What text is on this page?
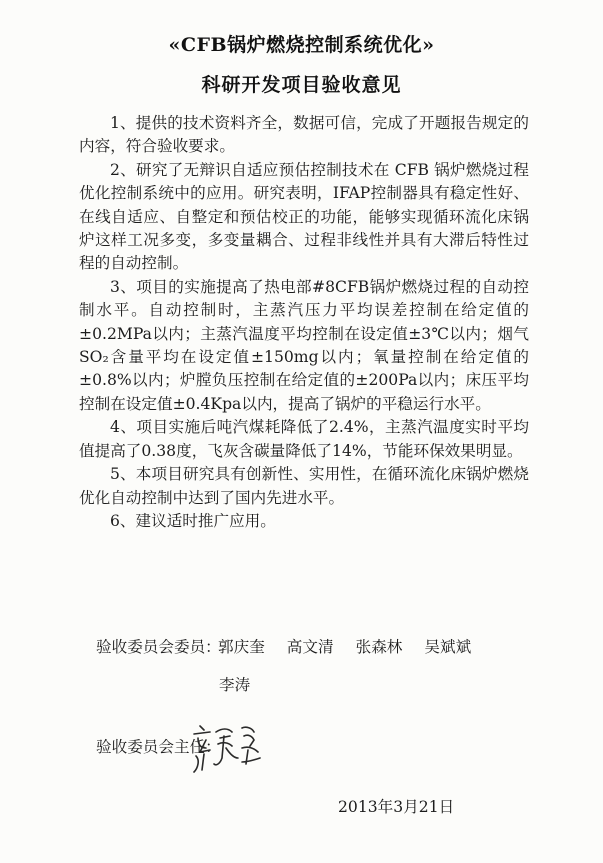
«CFB锅炉燃烧控制系统优化»
科研开发项目验收意见

1、提供的技术资料齐全，数据可信，完成了开题报告规定的内容，符合验收要求。

2、研究了无辩识自适应预估控制技术在 CFB 锅炉燃烧过程优化控制系统中的应用。研究表明，IFAP控制器具有稳定性好、在线自适应、自整定和预估校正的功能，能够实现循环流化床锅炉这样工况多变，多变量耦合、过程非线性并具有大滞后特性过程的自动控制。

3、项目的实施提高了热电部#8CFB锅炉燃烧过程的自动控制水平。自动控制时，主蒸汽压力平均误差控制在给定值的±0.2MPa以内；主蒸汽温度平均控制在设定值±3℃以内；烟气SO₂含量平均在设定值±150mg以内；氧量控制在给定值的±0.8%以内；炉膛负压控制在给定值的±200Pa以内；床压平均控制在设定值±0.4Kpa以内，提高了锅炉的平稳运行水平。

4、项目实施后吨汽煤耗降低了2.4%，主蒸汽温度实时平均值提高了0.38度，飞灰含碳量降低了14%，节能环保效果明显。

5、本项目研究具有创新性、实用性，在循环流化床锅炉燃烧优化自动控制中达到了国内先进水平。

6、建议适时推广应用。

验收委员会委员：郭庆奎 高文清 张森林 吴斌斌
李涛
验收委员会主任：
2013年3月21日
